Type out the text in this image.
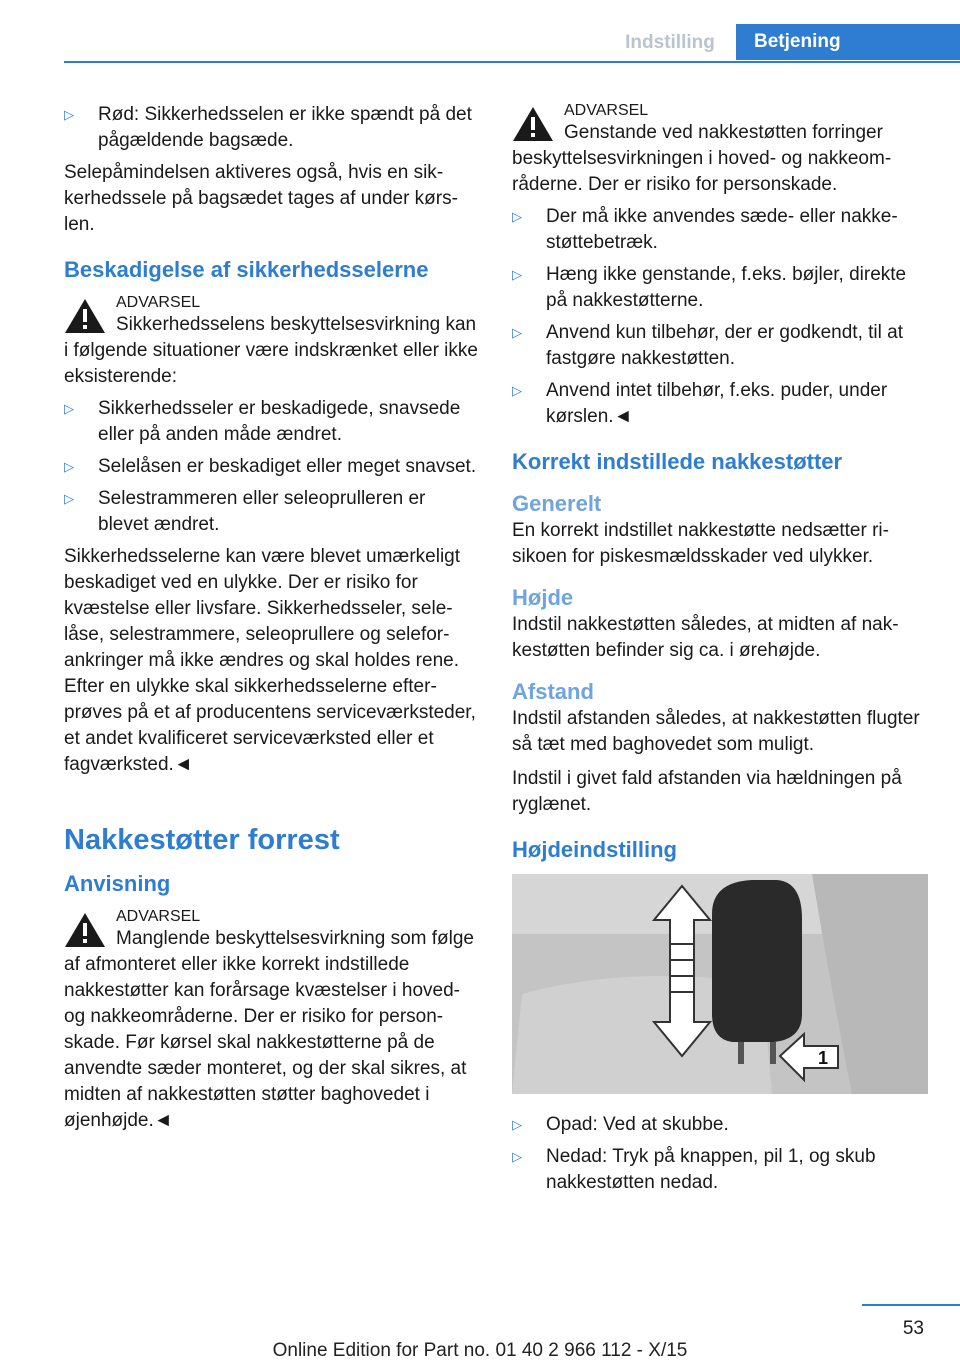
Indstilling	Betjening
▷ Rød: Sikkerhedsselen er ikke spændt på det pågældende bagsæde.

Selepåmindelsen aktiveres også, hvis en sikkerhedssele på bagsædet tages af under kørslen.

Beskadigelse af sikkerhedsselerne
ADVARSEL

Sikkerhedsselens beskyttelsesvirkning kan i følgende situationer være indskrænket eller ikke eksisterende:

▷ Sikkerhedsseler er beskadigede, snavsede eller på anden måde ændret.
▷ Selelåsen er beskadiget eller meget snavset.
▷ Selestrammeren eller seleoprulleren er blevet ændret.

Sikkerhedsselerne kan være blevet umærkeligt beskadiget ved en ulykke. Der er risiko for kvæstelse eller livsfare. Sikkerhedsseler, selelåse, selestrammere, seleoprullere og seleforankringer må ikke ændres og skal holdes rene. Efter en ulykke skal sikkerhedsselerne efterprøves på et af producentens serviceværksteder, et andet kvalificeret serviceværksted eller et fagværksted.◄

Nakkestøtter forrest
Anvisning
ADVARSEL

Manglende beskyttelsesvirkning som følge af afmonteret eller ikke korrekt indstillede nakkestøtter kan forårsage kvæstelser i hoved- og nakkeområderne. Der er risiko for personskade. Før kørsel skal nakkestøtterne på de anvendte sæder monteret, og der skal sikres, at midten af nakkestøtten støtter baghovedet i øjenhøjde.◄

ADVARSEL

Genstande ved nakkestøtten forringer beskyttelsesvirkningen i hoved- og nakkeområderne. Der er risiko for personskade.

▷ Der må ikke anvendes sæde- eller nakkestøttebetræk.
▷ Hæng ikke genstande, f.eks. bøjler, direkte på nakkestøtterne.
▷ Anvend kun tilbehør, der er godkendt, til at fastgøre nakkestøtten.
▷ Anvend intet tilbehør, f.eks. puder, under kørslen.◄
Korrekt indstillede nakkestøtter
Generelt

En korrekt indstillet nakkestøtte nedsætter risikoen for piskesmældsskader ved ulykker.

Højde

Indstil nakkestøtten således, at midten af nakkestøtten befinder sig ca. i ørehøjde.

Afstand

Indstil afstanden således, at nakkestøtten flugter så tæt med baghovedet som muligt.

Indstil i givet fald afstanden via hældningen på ryglænet.

Højdeindstilling
1
▷ Opad: Ved at skubbe.
▷ Nedad: Tryk på knappen, pil 1, og skub nakkestøtten nedad.
53
Online Edition for Part no. 01 40 2 966 112 - X/15
